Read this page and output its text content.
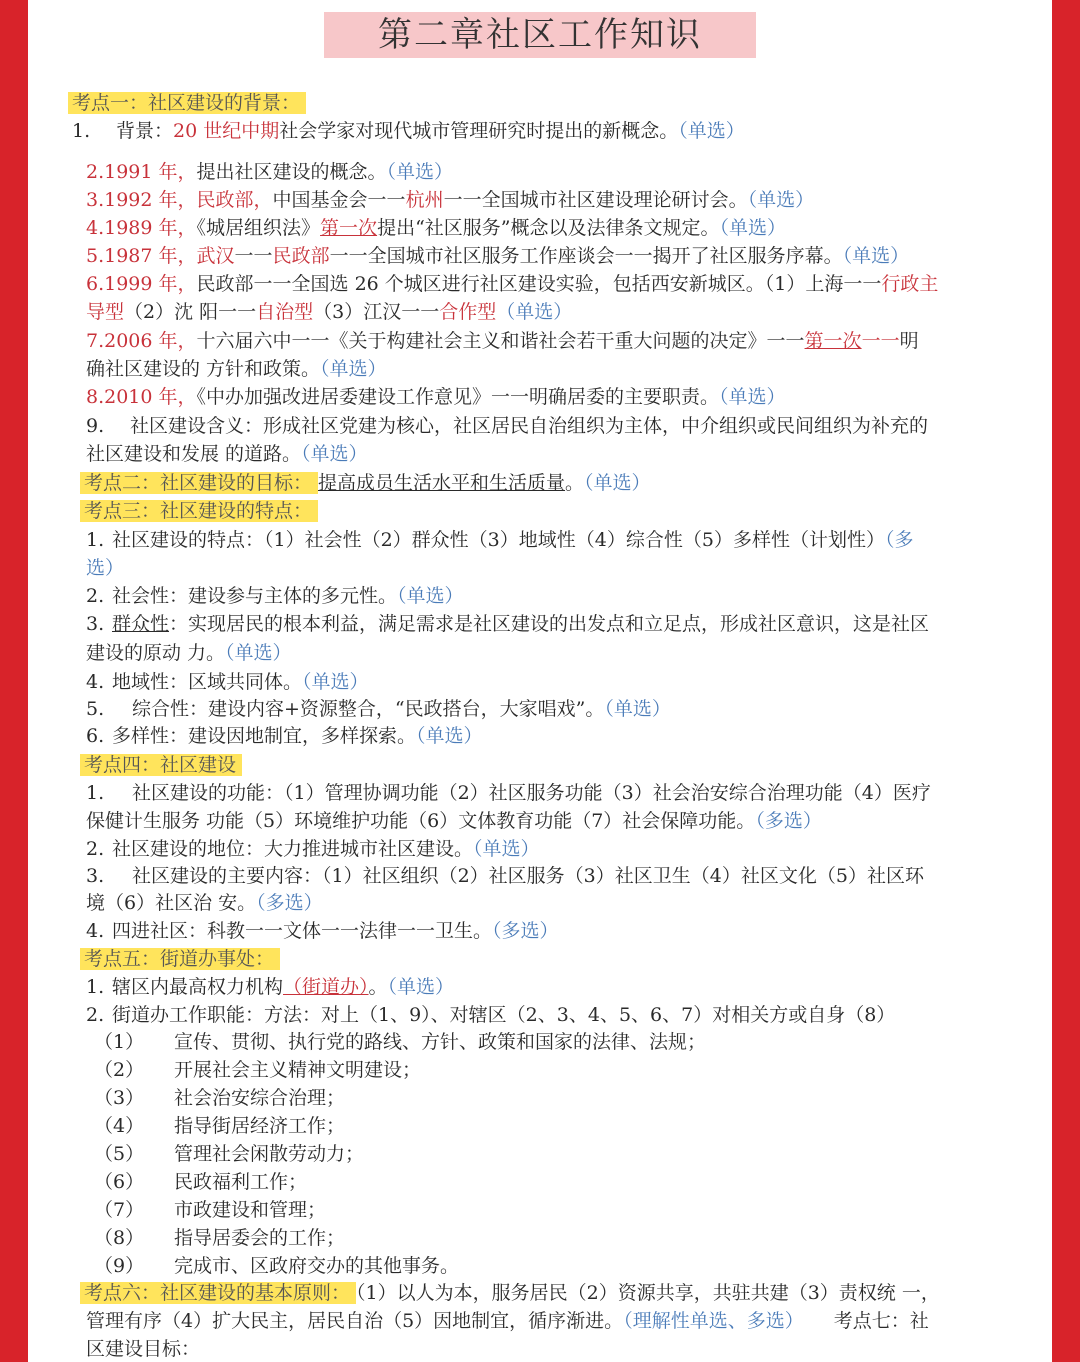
第二章社区工作知识
考点一：社区建设的背景：
1. 背景：20 世纪中期社会学家对现代城市管理研究时提出的新概念。（单选）
2.1991 年，提出社区建设的概念。（单选）
3.1992 年，民政部，中国基金会一一杭州一一全国城市社区建设理论研讨会。（单选）
4.1989 年，《城居组织法》第一次提出“社区服务”概念以及法律条文规定。（单选）
5.1987 年，武汉一一民政部一一全国城市社区服务工作座谈会一一揭开了社区服务序幕。（单选）
6.1999 年，民政部一一全国选 26 个城区进行社区建设实验，包括西安新城区。（1）上海一一行政主
导型（2）沈 阳一一自治型（3）江汉一一合作型（单选）
7.2006 年，十六届六中一一《关于构建社会主义和谐社会若干重大问题的决定》一一第一次一一明
确社区建设的 方针和政策。（单选）
8.2010 年，《中办加强改进居委建设工作意见》一一明确居委的主要职责。（单选）
9. 社区建设含义：形成社区党建为核心，社区居民自治组织为主体，中介组织或民间组织为补充的
社区建设和发展 的道路。（单选）
考点二：社区建设的目标： 提高成员生活水平和生活质量。（单选）
考点三：社区建设的特点：
1. 社区建设的特点：（1）社会性（2）群众性（3）地域性（4）综合性（5）多样性（计划性）（多
选）
2. 社会性：建设参与主体的多元性。（单选）
3. 群众性：实现居民的根本利益，满足需求是社区建设的出发点和立足点，形成社区意识，这是社区
建设的原动 力。（单选）
4. 地域性：区域共同体。（单选）
5. 综合性：建设内容+资源整合，“民政搭台，大家唱戏”。（单选）
6. 多样性：建设因地制宜，多样探索。（单选）
考点四：社区建设
1. 社区建设的功能：（1）管理协调功能（2）社区服务功能（3）社会治安综合治理功能（4）医疗
保健计生服务 功能（5）环境维护功能（6）文体教育功能（7）社会保障功能。（多选）
2. 社区建设的地位：大力推进城市社区建设。（单选）
3. 社区建设的主要内容：（1）社区组织（2）社区服务（3）社区卫生（4）社区文化（5）社区环
境（6）社区治 安。（多选）
4. 四进社区：科教一一文体一一法律一一卫生。（多选）
考点五：街道办事处：
1. 辖区内最高权力机构（街道办）。（单选）
2. 街道办工作职能：方法：对上（1、9）、对辖区（2、3、4、5、6、7）对相关方或自身（8）
（1） 宣传、贯彻、执行党的路线、方针、政策和国家的法律、法规；
（2） 开展社会主义精神文明建设；
（3） 社会治安综合治理；
（4） 指导街居经济工作；
（5） 管理社会闲散劳动力；
（6） 民政福利工作；
（7） 市政建设和管理；
（8） 指导居委会的工作；
（9） 完成市、区政府交办的其他事务。
考点六：社区建设的基本原则： （1）以人为本，服务居民（2）资源共享，共驻共建（3）责权统 一，
管理有序（4）扩大民主，居民自治（5）因地制宜，循序渐进。（理解性单选、多选） 考点七：社
区建设目标：
